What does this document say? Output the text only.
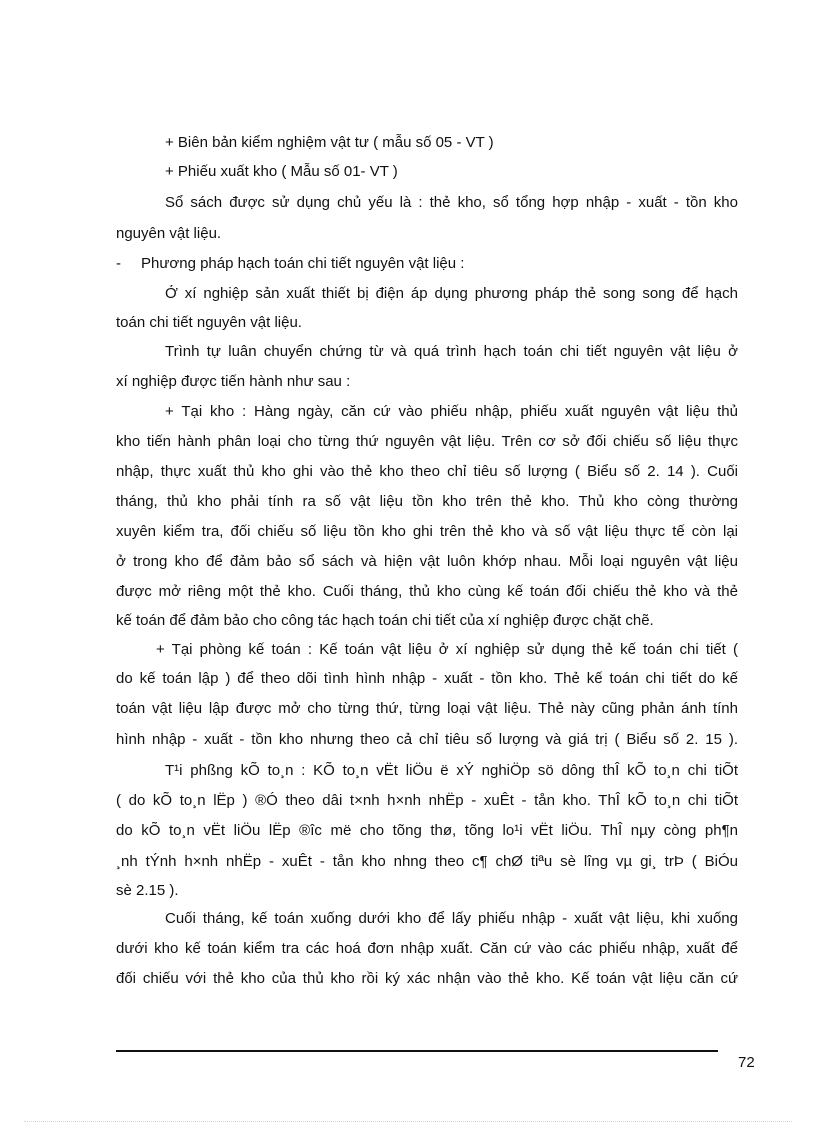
+ Biên bản kiểm nghiệm vật tư ( mẫu số 05 - VT )
+ Phiếu xuất kho ( Mẫu số 01- VT )
Sổ sách được sử dụng chủ yếu là : thẻ kho, sổ tổng hợp nhập - xuất - tồn kho
nguyên vật liệu.
- Phương pháp hạch toán chi tiết nguyên vật liệu :
Ở xí nghiệp sản xuất thiết bị điện áp dụng phương pháp thẻ song song để hạch
toán chi tiết nguyên vật liệu.
Trình tự luân chuyển chứng từ và quá trình hạch toán chi tiết nguyên vật liệu ở
xí nghiệp được tiến hành như sau :
+ Tại kho : Hàng ngày, căn cứ vào phiếu nhập, phiếu xuất nguyên vật liệu thủ
kho tiến hành phân loại cho từng thứ nguyên vật liệu. Trên cơ sở đối chiếu số liệu thực
nhập, thực xuất thủ kho ghi vào thẻ kho theo chỉ tiêu số lượng ( Biểu số 2. 14 ). Cuối
tháng, thủ kho phải tính ra số vật liệu tồn kho trên thẻ kho. Thủ kho còng thường
xuyên kiểm tra, đối chiếu số liệu tồn kho ghi trên thẻ kho và số vật liệu thực tế còn lại
ở trong kho để đảm bảo sổ sách và hiện vật luôn khớp nhau. Mỗi loại nguyên vật liệu
được mở riêng một thẻ kho. Cuối tháng, thủ kho cùng kế toán đối chiếu thẻ kho và thẻ
kế toán để đảm bảo cho công tác hạch toán chi tiết của xí nghiệp được chặt chẽ.
+ Tại phòng kế toán : Kế toán vật liệu ở xí nghiệp sử dụng thẻ kế toán chi tiết (
do kế toán lập ) để theo dõi tình hình nhập - xuất - tồn kho. Thẻ kế toán chi tiết do kế
toán vật liệu lập được mở cho từng thứ, từng loại vật liệu. Thẻ này cũng phản ánh tính
hình nhập - xuất - tồn kho nhưng theo cả chỉ tiêu số lượng và giá trị ( Biểu số 2. 15 ).
T¹i phßng kÕ to¸n : KÕ to¸n vËt liÖu ë xÝ nghiÖp sö dông thÎ kÕ to¸n chi tiÕt
( do kÕ to¸n lËp ) ®Ó theo dâi t×nh h×nh nhËp - xuÊt - tån kho. ThÎ kÕ to¸n chi tiÕt
do kÕ to¸n vËt liÖu lËp ®îc më cho tõng thø, tõng lo¹i vËt liÖu. ThÎ nµy còng ph¶n
¸nh tÝnh h×nh nhËp - xuÊt - tån kho nhng theo c¶ chØ tiªu sè lîng vµ gi¸ trÞ ( BiÓu
sè 2.15 ).
Cuối tháng, kế toán xuống dưới kho để lấy phiếu nhập - xuất vật liệu, khi xuống
dưới kho kế toán kiểm tra các hoá đơn nhập xuất. Căn cứ vào các phiếu nhập, xuất để
đối chiếu với thẻ kho của thủ kho rồi ký xác nhận vào thẻ kho. Kế toán vật liệu căn cứ
72
